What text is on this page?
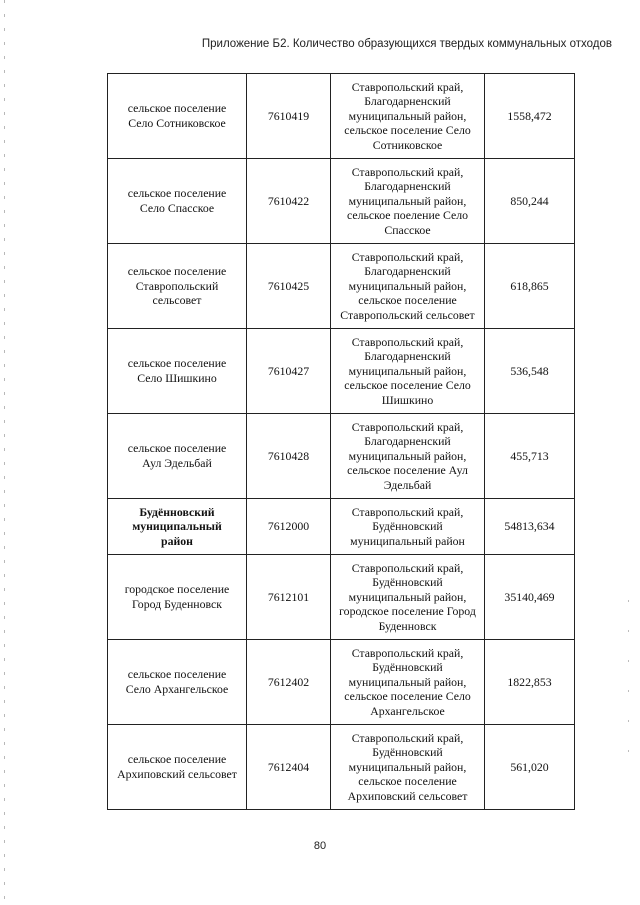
Приложение Б2. Количество образующихся твердых коммунальных отходов
сельское поселение
Село Сотниковское	7610419	Ставропольский край,
Благодарненский
муниципальный район,
сельское поселение Село
Сотниковское	1558,472
сельское поселение
Село Спасское	7610422	Ставропольский край,
Благодарненский
муниципальный район,
сельское поеление Село
Спасское	850,244
сельское поселение
Ставропольский
сельсовет	7610425	Ставропольский край,
Благодарненский
муниципальный район,
сельское поселение
Ставропольский сельсовет	618,865
сельское поселение
Село Шишкино	7610427	Ставропольский край,
Благодарненский
муниципальный район,
сельское поселение Село
Шишкино	536,548
сельское поселение
Аул Эдельбай	7610428	Ставропольский край,
Благодарненский
муниципальный район,
сельское поселение Аул
Эдельбай	455,713
Будённовский
муниципальный
район	7612000	Ставропольский край,
Будённовский
муниципальный район	54813,634
городское поселение
Город Буденновск	7612101	Ставропольский край,
Будённовский
муниципальный район,
городское поселение Город
Буденновск	35140,469
сельское поселение
Село Архангельское	7612402	Ставропольский край,
Будённовский
муниципальный район,
сельское поселение Село
Архангельское	1822,853
сельское поселение
Архиповский сельсовет	7612404	Ставропольский край,
Будённовский
муниципальный район,
сельское поселение
Архиповский сельсовет	561,020
80
